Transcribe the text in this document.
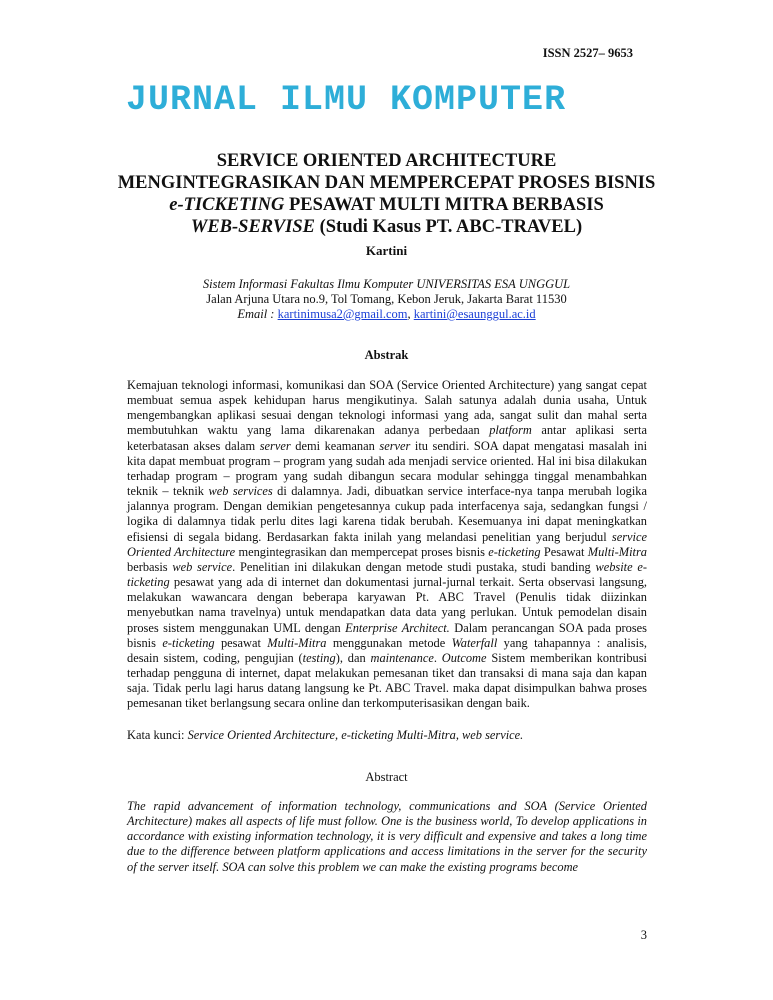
ISSN 2527– 9653
JURNAL ILMU KOMPUTER
SERVICE ORIENTED ARCHITECTURE
MENGINTEGRASIKAN DAN MEMPERCEPAT PROSES BISNIS
e-TICKETING PESAWAT MULTI MITRA BERBASIS
WEB-SERVISE (Studi Kasus PT. ABC-TRAVEL)
Kartini
Sistem Informasi Fakultas Ilmu Komputer UNIVERSITAS ESA UNGGUL
Jalan Arjuna Utara no.9, Tol Tomang, Kebon Jeruk, Jakarta Barat 11530
Email : kartinimusa2@gmail.com, kartini@esaunggul.ac.id
Abstrak

Kemajuan teknologi informasi, komunikasi dan SOA (Service Oriented Architecture) yang sangat cepat membuat semua aspek kehidupan harus mengikutinya. Salah satunya adalah dunia usaha, Untuk mengembangkan aplikasi sesuai dengan teknologi informasi yang ada, sangat sulit dan mahal serta membutuhkan waktu yang lama dikarenakan adanya perbedaan platform antar aplikasi serta keterbatasan akses dalam server demi keamanan server itu sendiri. SOA dapat mengatasi masalah ini kita dapat membuat program – program yang sudah ada menjadi service oriented. Hal ini bisa dilakukan terhadap program – program yang sudah dibangun secara modular sehingga tinggal menambahkan teknik – teknik web services di dalamnya. Jadi, dibuatkan service interface-nya tanpa merubah logika jalannya program. Dengan demikian pengetesannya cukup pada interfacenya saja, sedangkan fungsi / logika di dalamnya tidak perlu dites lagi karena tidak berubah. Kesemuanya ini dapat meningkatkan efisiensi di segala bidang. Berdasarkan fakta inilah yang melandasi penelitian yang berjudul service Oriented Architecture mengintegrasikan dan mempercepat proses bisnis e-ticketing Pesawat Multi-Mitra berbasis web service. Penelitian ini dilakukan dengan metode studi pustaka, studi banding website e-ticketing pesawat yang ada di internet dan dokumentasi jurnal-jurnal terkait. Serta observasi langsung, melakukan wawancara dengan beberapa karyawan Pt. ABC Travel (Penulis tidak diizinkan menyebutkan nama travelnya) untuk mendapatkan data data yang perlukan. Untuk pemodelan disain proses sistem menggunakan UML dengan Enterprise Architect. Dalam perancangan SOA pada proses bisnis e-ticketing pesawat Multi-Mitra menggunakan metode Waterfall yang tahapannya : analisis, desain sistem, coding, pengujian (testing), dan maintenance. Outcome Sistem memberikan kontribusi terhadap pengguna di internet, dapat melakukan pemesanan tiket dan transaksi di mana saja dan kapan saja. Tidak perlu lagi harus datang langsung ke Pt. ABC Travel. maka dapat disimpulkan bahwa proses pemesanan tiket berlangsung secara online dan terkomputerisasikan dengan baik.

Kata kunci: Service Oriented Architecture, e-ticketing Multi-Mitra, web service.
Abstract
The rapid advancement of information technology, communications and SOA (Service Oriented Architecture) makes all aspects of life must follow. One is the business world, To develop applications in accordance with existing information technology, it is very difficult and expensive and takes a long time due to the difference between platform applications and access limitations in the server for the security of the server itself. SOA can solve this problem we can make the existing programs become
3
